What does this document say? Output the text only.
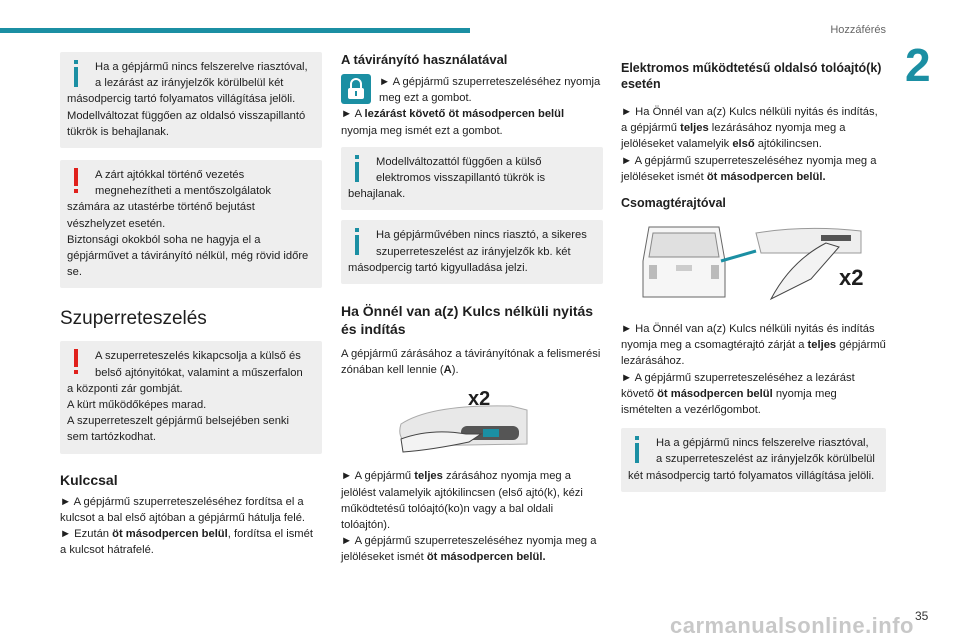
Hozzáférés
2

Ha a gépjármű nincs felszerelve riasztóval, a lezárást az irányjelzők körülbelül két másodpercig tartó folyamatos villágítása jelöli.

Modellváltozat függően az oldalsó visszapillantó tükrök is behajlanak.

A zárt ajtókkal történő vezetés megnehezítheti a mentőszolgálatok számára az utastérbe történő bejutást vészhelyzet esetén.

Biztonsági okokból soha ne hagyja el a gépjárművet a távirányító nélkül, még rövid időre se.

Szuperreteszelés

A szuperreteszelés kikapcsolja a külső és belső ajtónyitókat, valamint a műszerfalon a központi zár gombját.

A kürt működőképes marad.

A szuperreteszelt gépjármű belsejében senki sem tartózkodhat.

Kulccsal

► A gépjármű szuperreteszeléséhez fordítsa el a kulcsot a bal első ajtóban a gépjármű hátulja felé.

► Ezután öt másodpercen belül, fordítsa el ismét a kulcsot hátrafelé.

A távirányító használatával

► A gépjármű szuperreteszeléséhez nyomja meg ezt a gombot.

► A lezárást követő öt másodpercen belül nyomja meg ismét ezt a gombot.

Modellváltozattól függően a külső elektromos visszapillantó tükrök is behajlanak.

Ha gépjárművében nincs riasztó, a sikeres szuperreteszelést az irányjelzők kb. két másodpercig tartó kigyulladása jelzi.

Ha Önnél van a(z) Kulcs nélküli nyitás és indítás

A gépjármű zárásához a távirányítónak a felismerési zónában kell lennie (A).

x2

► A gépjármű teljes zárásához nyomja meg a jelölést valamelyik ajtókilincsen (első ajtó(k), kézi működtetésű tolóajtó(ko)n vagy a bal oldali tolóajtón).

► A gépjármű szuperreteszeléséhez nyomja meg a jelöléseket ismét öt másodpercen belül.

Elektromos működtetésű oldalsó tolóajtó(k) esetén

► Ha Önnél van a(z) Kulcs nélküli nyitás és indítás, a gépjármű teljes lezárásához nyomja meg a jelöléseket valamelyik első ajtókilincsen.

► A gépjármű szuperreteszeléséhez nyomja meg a jelöléseket ismét öt másodpercen belül.

Csomagtérajtóval
x2

► Ha Önnél van a(z) Kulcs nélküli nyitás és indítás nyomja meg a csomagtérajtó zárját a teljes gépjármű lezárásához.

► A gépjármű szuperreteszeléséhez a lezárást követő öt másodpercen belül nyomja meg ismételten a vezérlőgombot.

Ha a gépjármű nincs felszerelve riasztóval, a szuperreteszelést az irányjelzők körülbelül két másodpercig tartó folyamatos villágítása jelöli.

carmanualsonline.info 35
